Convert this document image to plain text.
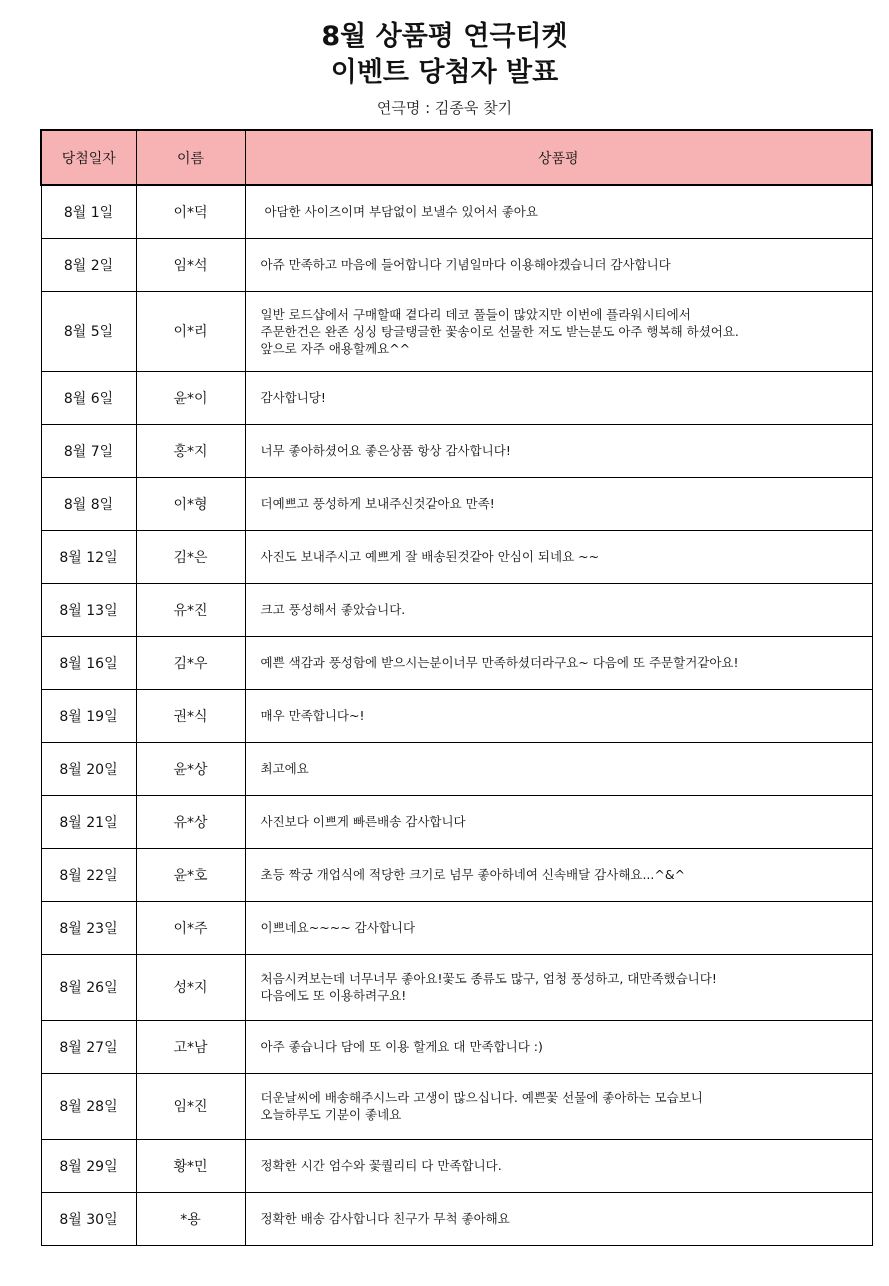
8월 상품평 연극티켓
이벤트 당첨자 발표
연극명 : 김종욱 찾기
당첨일자	이름	상품평
8월 1일	이*덕	아담한 사이즈이며 부담없이 보낼수 있어서 좋아요

8월 2일	임*석	아쥬 만족하고 마음에 들어합니다 기념일마다 이용해야겠습니더 감사합니다

8월 5일	이*리	일반 로드샵에서 구매할때 곁다리 데코 풀들이 많았지만 이번에 플라워시티에서
주문한건은 완존 싱싱 탕글탱글한 꽃송이로 선물한 저도 받는분도 아주 행복해 하셨어요.
앞으로 자주 애용할께요^^

8월 6일	윤*이	감사합니당!

8월 7일	홍*지	너무 좋아하셨어요 좋은상품 항상 감사합니다!

8월 8일	이*형	더예쁘고 풍성하게 보내주신것같아요 만족!

8월 12일	김*은	사진도 보내주시고 예쁘게 잘 배송된것같아 안심이 되네요 ~~

8월 13일	유*진	크고 풍성해서 좋았습니다.

8월 16일	김*우	예쁜 색감과 풍성함에 받으시는분이너무 만족하셨더라구요~ 다음에 또 주문할거같아요!

8월 19일	권*식	매우 만족합니다~!

8월 20일	윤*상	최고에요

8월 21일	유*상	사진보다 이쁘게 빠른배송 감사합니다

8월 22일	윤*호	초등 짝궁 개업식에 적당한 크기로 넘무 좋아하네여 신속배달 감사해요...^&^

8월 23일	이*주	이쁘네요~~~~ 감사합니다

8월 26일	성*지	처음시켜보는데 너무너무 좋아요!꽃도 종류도 많구, 엄청 풍성하고, 대만족했습니다!
다음에도 또 이용하려구요!

8월 27일	고*남	아주 좋습니다 담에 또 이용 할게요 대 만족합니다 :)

8월 28일	임*진	더운날씨에 배송해주시느라 고생이 많으십니다. 예쁜꽃 선물에 좋아하는 모습보니
오늘하루도 기분이 좋네요

8월 29일	황*민	정확한 시간 엄수와 꽃퀄리티 다 만족합니다.

8월 30일	*용	정확한 배송 감사합니다 친구가 무척 좋아해요
